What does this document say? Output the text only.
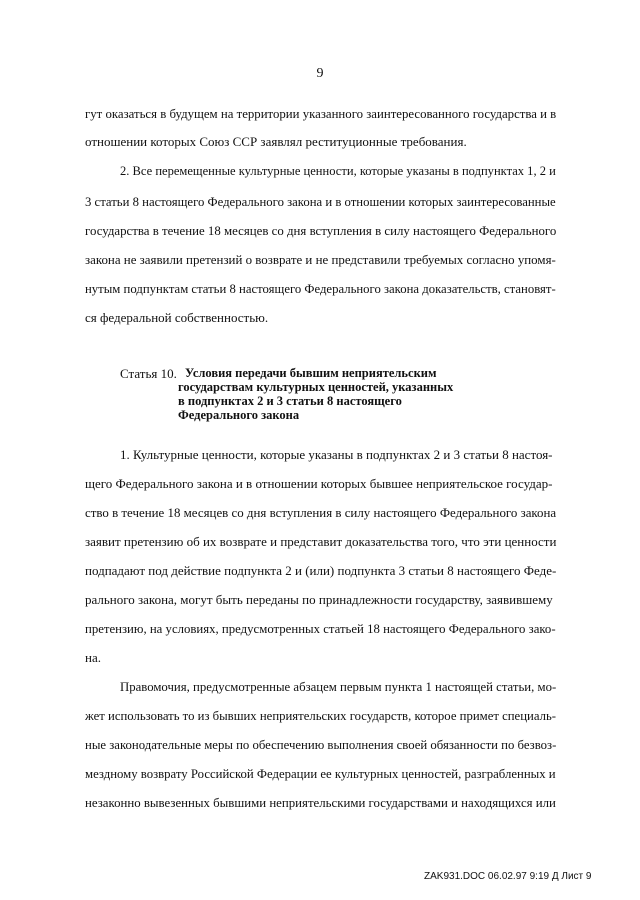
9
гут оказаться в будущем на территории указанного заинтересованного государства и в
отношении которых Союз ССР заявлял реституционные требования.
2. Все перемещенные культурные ценности, которые указаны в подпунктах 1, 2 и
3 статьи 8 настоящего Федерального закона и в отношении которых заинтересованные
государства в течение 18 месяцев со дня вступления в силу настоящего Федерального
закона не заявили претензий о возврате и не представили требуемых согласно упомя-
нутым подпунктам статьи 8 настоящего Федерального закона доказательств, становят-
ся федеральной собственностью.
Статья 10. Условия передачи бывшим неприятельским
государствам культурных ценностей, указанных
в подпунктах 2 и 3 статьи 8 настоящего
Федерального закона
1. Культурные ценности, которые указаны в подпунктах 2 и 3 статьи 8 настоя-
щего Федерального закона и в отношении которых бывшее неприятельское государ-
ство в течение 18 месяцев со дня вступления в силу настоящего Федерального закона
заявит претензию об их возврате и представит доказательства того, что эти ценности
подпадают под действие подпункта 2 и (или) подпункта 3 статьи 8 настоящего Феде-
рального закона, могут быть переданы по принадлежности государству, заявившему
претензию, на условиях, предусмотренных статьей 18 настоящего Федерального зако-
на.
Правомочия, предусмотренные абзацем первым пункта 1 настоящей статьи, мо-
жет использовать то из бывших неприятельских государств, которое примет специаль-
ные законодательные меры по обеспечению выполнения своей обязанности по безвоз-
мездному возврату Российской Федерации ее культурных ценностей, разграбленных и
незаконно вывезенных бывшими неприятельскими государствами и находящихся или
ZAK931.DOC 06.02.97 9:19 Д Лист 9
